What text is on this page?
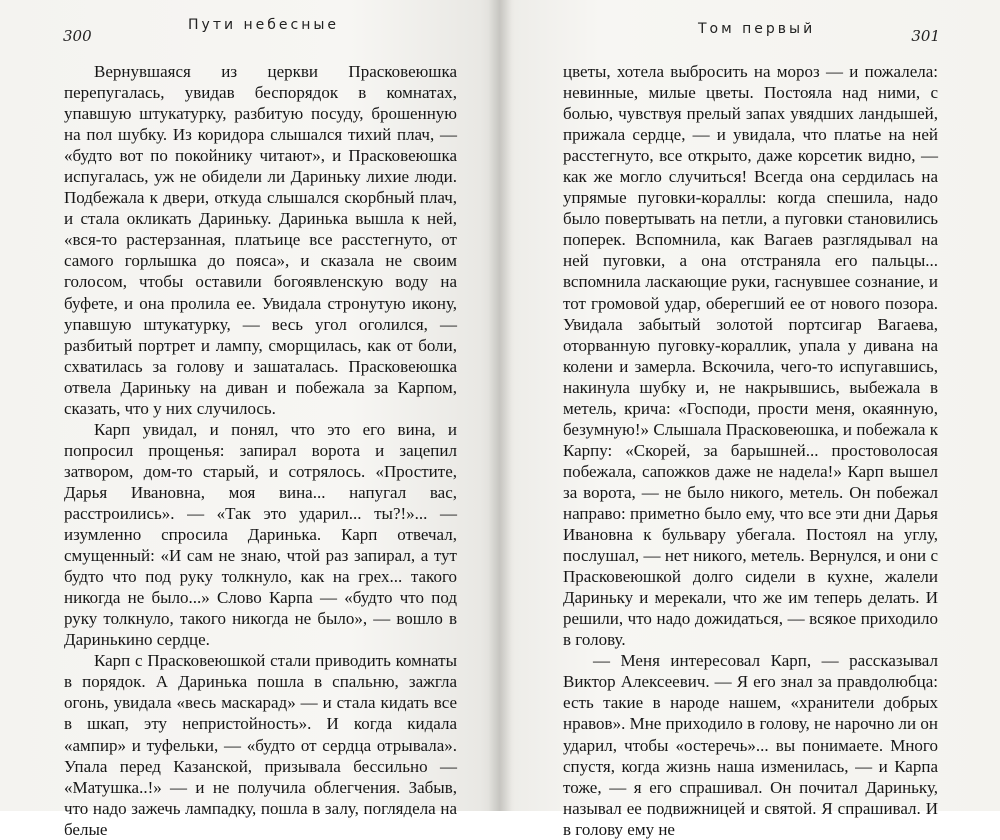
300
Пути небесные

Вернувшаяся из церкви Прасковеюшка перепугалась, увидав беспорядок в комнатах, упавшую штукатурку, разбитую посуду, брошенную на пол шубку. Из коридора слышался тихий плач, — «будто вот по покойнику читают», и Прасковеюшка испугалась, уж не обидели ли Дариньку лихие люди. Подбежала к двери, откуда слышался скорбный плач, и стала окликать Дариньку. Даринька вышла к ней, «вся-то растерзанная, платьице все расстегнуто, от самого горлышка до пояса», и сказала не своим голосом, чтобы оставили богоявленскую воду на буфете, и она пролила ее. Увидала стронутую икону, упавшую штукатурку, — весь угол оголился, — разбитый портрет и лампу, сморщилась, как от боли, схватилась за голову и зашаталась. Прасковеюшка отвела Дариньку на диван и побежала за Карпом, сказать, что у них случилось.

Карп увидал, и понял, что это его вина, и попросил прощенья: запирал ворота и зацепил затвором, дом-то старый, и сотрялось. «Простите, Дарья Ивановна, моя вина... напугал вас, расстроились». — «Так это ударил... ты?!»... — изумленно спросила Даринька. Карп отвечал, смущенный: «И сам не знаю, чтой раз запирал, а тут будто что под руку толкнуло, как на грех... такого никогда не было...» Слово Карпа — «будто что под руку толкнуло, такого никогда не было», — вошло в Даринькино сердце.

Карп с Прасковеюшкой стали приводить комнаты в порядок. А Даринька пошла в спальню, зажгла огонь, увидала «весь маскарад» — и стала кидать все в шкап, эту непристойность». И когда кидала «ампир» и туфельки, — «будто от сердца отрывала». Упала перед Казанской, призывала бессильно — «Матушка..!» — и не получила облегчения. Забыв, что надо зажечь лампадку, пошла в залу, поглядела на белые

Том первый	301

цветы, хотела выбросить на мороз — и пожалела: невинные, милые цветы. Постояла над ними, с болью, чувствуя прелый запах увядших ландышей, прижала сердце, — и увидала, что платье на ней расстегнуто, все открыто, даже корсетик видно, — как же могло случиться! Всегда она сердилась на упрямые пуговки-кораллы: когда спешила, надо было повертывать на петли, а пуговки становились поперек. Вспомнила, как Вагаев разглядывал на ней пуговки, а она отстраняла его пальцы... вспомнила ласкающие руки, гаснувшее сознание, и тот громовой удар, оберегший ее от нового позора. Увидала забытый золотой портсигар Вагаева, оторванную пуговку-кораллик, упала у дивана на колени и замерла. Вскочила, чего-то испугавшись, накинула шубку и, не накрывшись, выбежала в метель, крича: «Господи, прости меня, окаянную, безумную!» Слышала Прасковеюшка, и побежала к Карпу: «Скорей, за барышней... простоволосая побежала, сапожков даже не надела!» Карп вышел за ворота, — не было никого, метель. Он побежал направо: приметно было ему, что все эти дни Дарья Ивановна к бульвару убегала. Постоял на углу, послушал, — нет никого, метель. Вернулся, и они с Прасковеюшкой долго сидели в кухне, жалели Дариньку и мерекали, что же им теперь делать. И решили, что надо дожидаться, — всякое приходило в голову.

— Меня интересовал Карп, — рассказывал Виктор Алексеевич. — Я его знал за правдолюбца: есть такие в народе нашем, «хранители добрых нравов». Мне приходило в голову, не нарочно ли он ударил, чтобы «остеречь»... вы понимаете. Много спустя, когда жизнь наша изменилась, — и Карпа тоже, — я его спрашивал. Он почитал Дариньку, называл ее подвижницей и святой. Я спрашивал. И в голову ему не
